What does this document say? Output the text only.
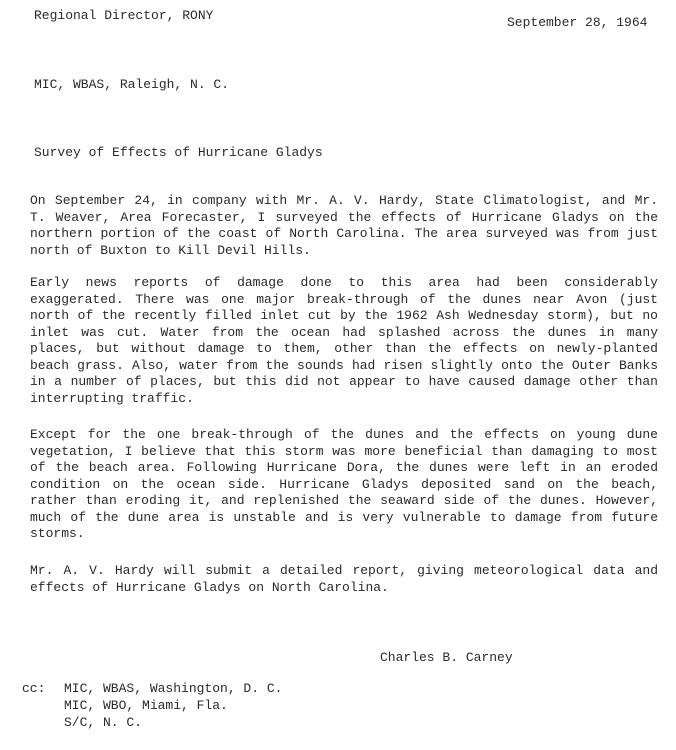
Regional Director, RONY	September 28, 1964
MIC, WBAS, Raleigh, N. C.
Survey of Effects of Hurricane Gladys
On September 24, in company with Mr. A. V. Hardy, State Climatologist, and Mr. T. Weaver, Area Forecaster, I surveyed the effects of Hurricane Gladys on the northern portion of the coast of North Carolina. The area surveyed was from just north of Buxton to Kill Devil Hills.
Early news reports of damage done to this area had been considerably exaggerated. There was one major break-through of the dunes near Avon (just north of the recently filled inlet cut by the 1962 Ash Wednesday storm), but no inlet was cut. Water from the ocean had splashed across the dunes in many places, but without damage to them, other than the effects on newly-planted beach grass. Also, water from the sounds had risen slightly onto the Outer Banks in a number of places, but this did not appear to have caused damage other than interrupting traffic.
Except for the one break-through of the dunes and the effects on young dune vegetation, I believe that this storm was more beneficial than damaging to most of the beach area. Following Hurricane Dora, the dunes were left in an eroded condition on the ocean side. Hurricane Gladys deposited sand on the beach, rather than eroding it, and replenished the seaward side of the dunes. However, much of the dune area is unstable and is very vulnerable to damage from future storms.
Mr. A. V. Hardy will submit a detailed report, giving meteorological data and effects of Hurricane Gladys on North Carolina.
Charles B. Carney
cc: MIC, WBAS, Washington, D. C.
MIC, WBO, Miami, Fla.
S/C, N. C.
